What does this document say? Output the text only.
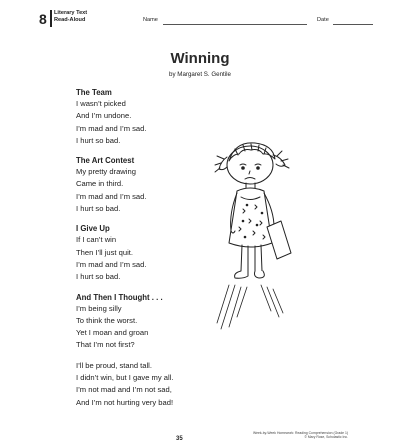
8 Literary Text
Read-Aloud	Name	Date
Winning
by Margaret S. Gentile
The Team
I wasn’t picked
And I’m undone.
I’m mad and I’m sad.
I hurt so bad.
The Art Contest
My pretty drawing
Came in third.
I’m mad and I’m sad.
I hurt so bad.
I Give Up
If I can’t win
Then I’ll just quit.
I’m mad and I’m sad.
I hurt so bad.
And Then I Thought . . .
I’m being silly
To think the worst.
Yet I moan and groan
That I’m not first?
I’ll be proud, stand tall.
I didn’t win, but I gave my all.
I’m not mad and I’m not sad,
And I’m not hurting very bad!
35
Week-by-Week Homework: Reading Comprehension (Grade 1)
© Mary Rose, Scholastic Inc.
